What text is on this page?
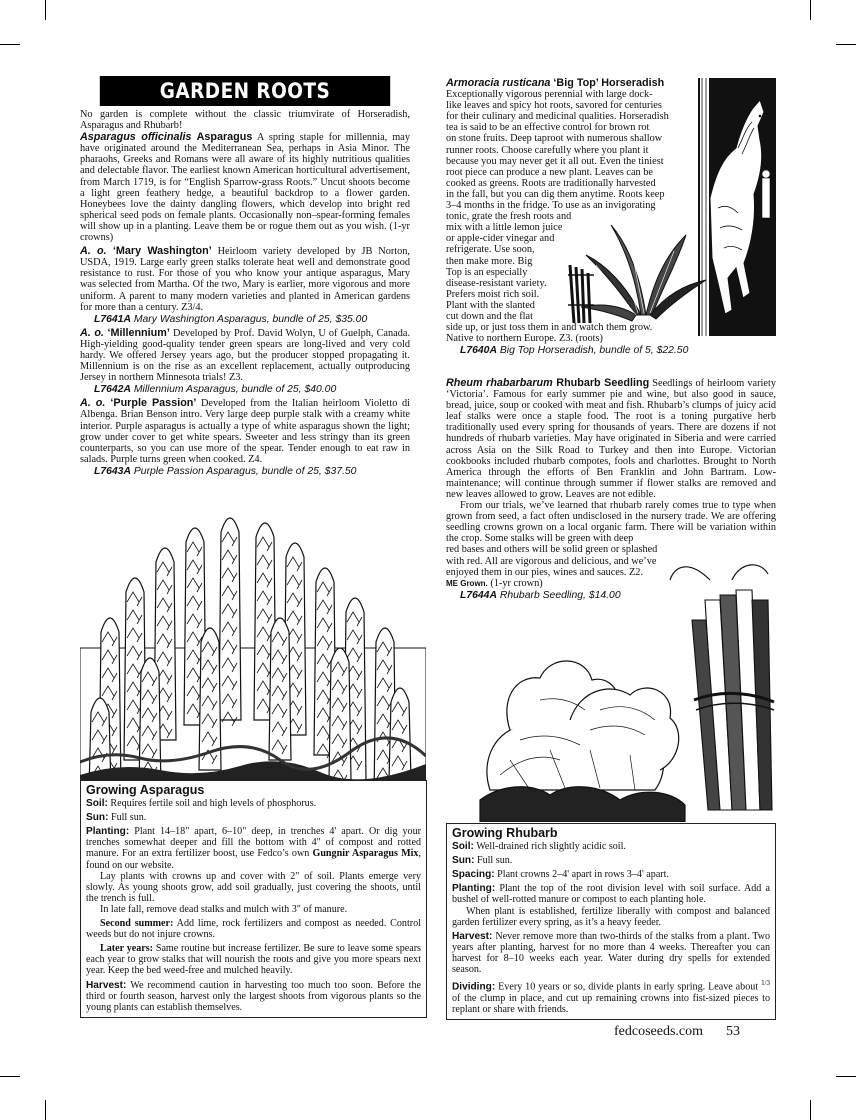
GARDEN ROOTS

No garden is complete without the classic triumvirate of Horseradish, Asparagus and Rhubarb!

Asparagus officinalis Asparagus A spring staple for millennia, may have originated around the Mediterranean Sea, perhaps in Asia Minor. The pharaohs, Greeks and Romans were all aware of its highly nutritious qualities and delectable flavor. The earliest known American horticultural advertisement, from March 1719, is for “English Sparrow-grass Roots.” Uncut shoots become a light green feathery hedge, a beautiful backdrop to a flower garden. Honeybees love the dainty dangling flowers, which develop into bright red spherical seed pods on female plants. Occasionally non–spear-forming females will show up in a planting. Leave them be or rogue them out as you wish. (1-yr crowns)

A. o. ‘Mary Washington’ Heirloom variety developed by JB Norton, USDA, 1919. Large early green stalks tolerate heat well and demonstrate good resistance to rust. For those of you who know your antique asparagus, Mary was selected from Martha. Of the two, Mary is earlier, more vigorous and more uniform. A parent to many modern varieties and planted in American gardens for more than a century. Z3/4.

L7641A Mary Washington Asparagus, bundle of 25, $35.00

A. o. ‘Millennium’ Developed by Prof. David Wolyn, U of Guelph, Canada. High-yielding good-quality tender green spears are long-lived and very cold hardy. We offered Jersey years ago, but the producer stopped propagating it. Millennium is on the rise as an excellent replacement, actually outproducing Jersey in northern Minnesota trials! Z3.

L7642A Millennium Asparagus, bundle of 25, $40.00

A. o. ‘Purple Passion’ Developed from the Italian heirloom Violetto di Albenga. Brian Benson intro. Very large deep purple stalk with a creamy white interior. Purple asparagus is actually a type of white asparagus shown the light; grow under cover to get white spears. Sweeter and less stringy than its green counterparts, so you can use more of the spear. Tender enough to eat raw in salads. Purple turns green when cooked. Z4.

L7643A Purple Passion Asparagus, bundle of 25, $37.50
Growing Asparagus

Soil: Requires fertile soil and high levels of phosphorus.

Sun: Full sun.

Planting: Plant 14–18" apart, 6–10" deep, in trenches 4' apart. Or dig your trenches somewhat deeper and fill the bottom with 4" of compost and rotted manure. For an extra fertilizer boost, use Fedco’s own Gungnir Asparagus Mix, found on our website.

Lay plants with crowns up and cover with 2" of soil. Plants emerge very slowly. As young shoots grow, add soil gradually, just covering the shoots, until the trench is full.

In late fall, remove dead stalks and mulch with 3" of manure.

Second summer: Add lime, rock fertilizers and compost as needed. Control weeds but do not injure crowns.

Later years: Same routine but increase fertilizer. Be sure to leave some spears each year to grow stalks that will nourish the roots and give you more spears next year. Keep the bed weed-free and mulched heavily.

Harvest: We recommend caution in harvesting too much too soon. Before the third or fourth season, harvest only the largest shoots from vigorous plants so the young plants can establish themselves.

Armoracia rusticana ‘Big Top’ Horseradish
Exceptionally vigorous perennial with large dock-
like leaves and spicy hot roots, savored for centuries
for their culinary and medicinal qualities. Horseradish
tea is said to be an effective control for brown rot
on stone fruits. Deep taproot with numerous shallow
runner roots. Choose carefully where you plant it
because you may never get it all out. Even the tiniest
root piece can produce a new plant. Leaves can be
cooked as greens. Roots are traditionally harvested
in the fall, but you can dig them anytime. Roots keep
3–4 months in the fridge. To use as an invigorating
tonic, grate the fresh roots and
mix with a little lemon juice
or apple-cider vinegar and
refrigerate. Use soon,
then make more. Big
Top is an especially
disease-resistant variety.
Prefers moist rich soil.
Plant with the slanted
cut down and the flat
side up, or just toss them in and watch them grow.
Native to northern Europe. Z3. (roots)
L7640A Big Top Horseradish, bundle of 5, $22.50

Rheum rhabarbarum Rhubarb Seedling Seedlings of heirloom variety ‘Victoria’. Famous for early summer pie and wine, but also good in sauce, bread, juice, soup or cooked with meat and fish. Rhubarb’s clumps of juicy acid leaf stalks were once a staple food. The root is a toning purgative herb traditionally used every spring for thousands of years. There are dozens if not hundreds of rhubarb varieties. May have originated in Siberia and were carried across Asia on the Silk Road to Turkey and then into Europe. Victorian cookbooks included rhubarb compotes, fools and charlottes. Brought to North America through the efforts of Ben Franklin and John Bartram. Low-maintenance; will continue through summer if flower stalks are removed and new leaves allowed to grow. Leaves are not edible.

From our trials, we’ve learned that rhubarb rarely comes true to type when grown from seed, a fact often undisclosed in the nursery trade. We are offering seedling crowns grown on a local organic farm. There will be variation within the crop. Some stalks will be green with deep
red bases and others will be solid green or splashed
with red. All are vigorous and delicious, and we’ve
enjoyed them in our pies, wines and sauces. Z2.
ME Grown. (1-yr crown)
L7644A Rhubarb Seedling, $14.00
Growing Rhubarb

Soil: Well-drained rich slightly acidic soil.

Sun: Full sun.

Spacing: Plant crowns 2–4' apart in rows 3–4' apart.

Planting: Plant the top of the root division level with soil surface. Add a bushel of well-rotted manure or compost to each planting hole.

When plant is established, fertilize liberally with compost and balanced garden fertilizer every spring, as it’s a heavy feeder.

Harvest: Never remove more than two-thirds of the stalks from a plant. Two years after planting, harvest for no more than 4 weeks. Thereafter you can harvest for 8–10 weeks each year. Water during dry spells for extended season.

Dividing: Every 10 years or so, divide plants in early spring. Leave about $^{1/3}$ of the clump in place, and cut up remaining crowns into fist-sized pieces to replant or share with friends.

fedcoseeds.com 53
